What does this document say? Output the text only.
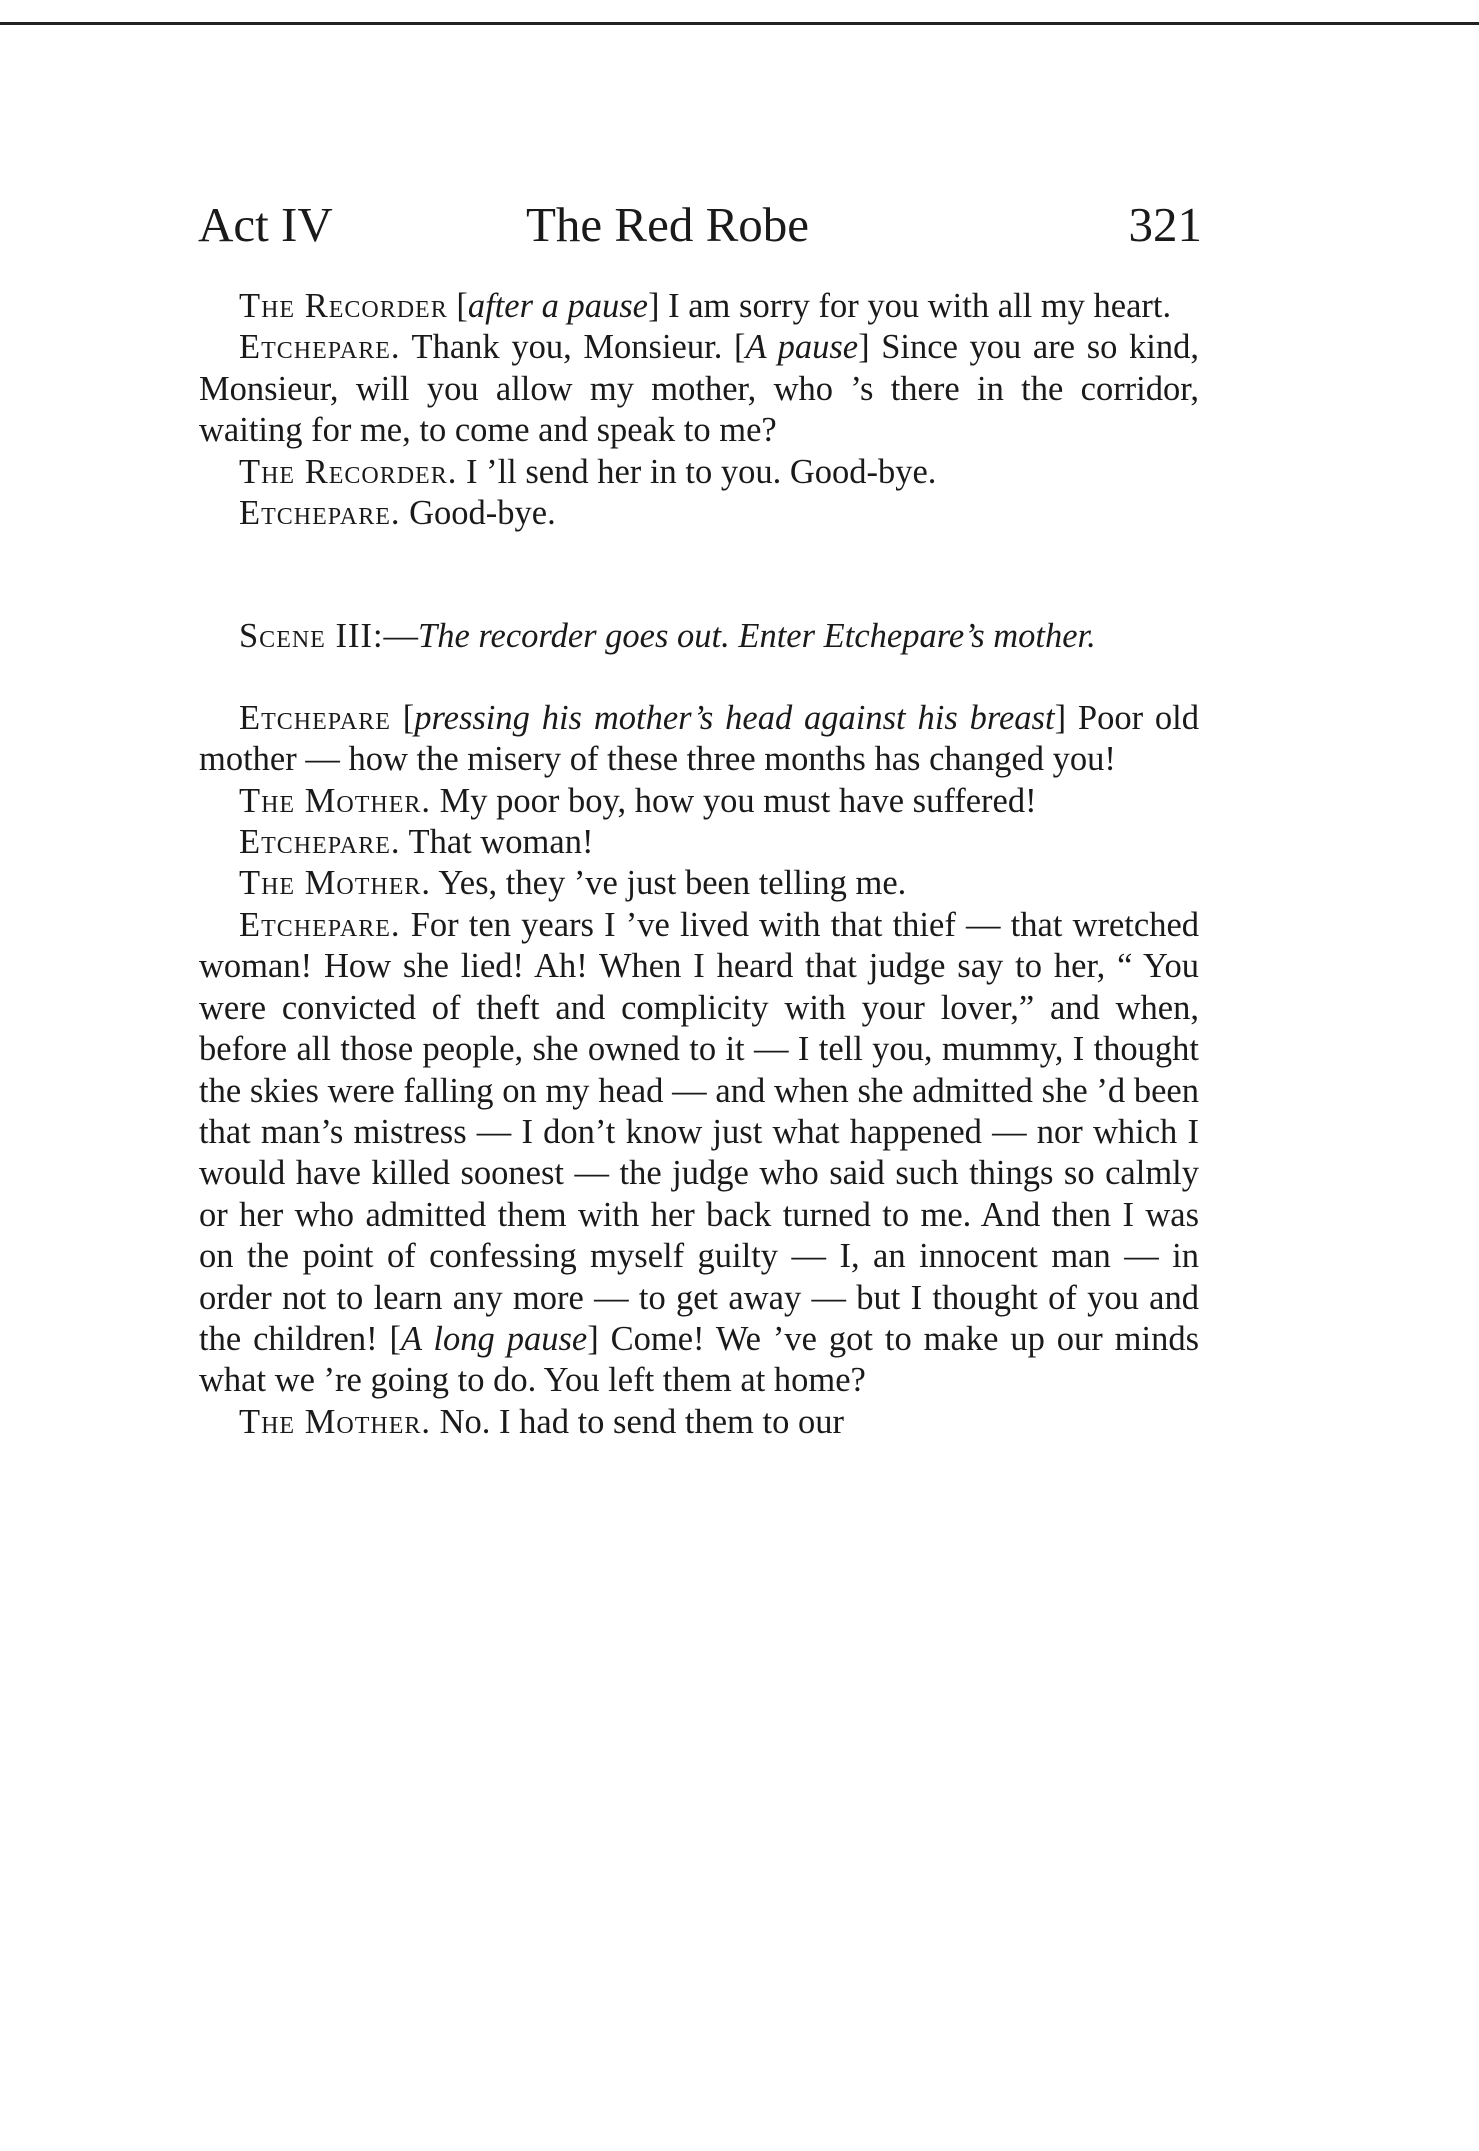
Act IV	The Red Robe	321

The Recorder [after a pause] I am sorry for you with all my heart.

Etchepare. Thank you, Monsieur. [A pause] Since you are so kind, Monsieur, will you allow my mother, who ’s there in the corridor, waiting for me, to come and speak to me?

The Recorder. I ’ll send her in to you. Good-bye.

Etchepare. Good-bye.

Scene III:—The recorder goes out. Enter Etchepare’s mother.

Etchepare [pressing his mother’s head against his breast] Poor old mother — how the misery of these three months has changed you!

The Mother. My poor boy, how you must have suffered!

Etchepare. That woman!

The Mother. Yes, they ’ve just been telling me.

Etchepare. For ten years I ’ve lived with that thief — that wretched woman! How she lied! Ah! When I heard that judge say to her, “ You were convicted of theft and complicity with your lover,” and when, before all those people, she owned to it — I tell you, mummy, I thought the skies were falling on my head — and when she admitted she ’d been that man’s mistress — I don’t know just what happened — nor which I would have killed soonest — the judge who said such things so calmly or her who admitted them with her back turned to me. And then I was on the point of confessing myself guilty — I, an innocent man — in order not to learn any more — to get away — but I thought of you and the children! [A long pause] Come! We ’ve got to make up our minds what we ’re going to do. You left them at home?

The Mother. No. I had to send them to our
